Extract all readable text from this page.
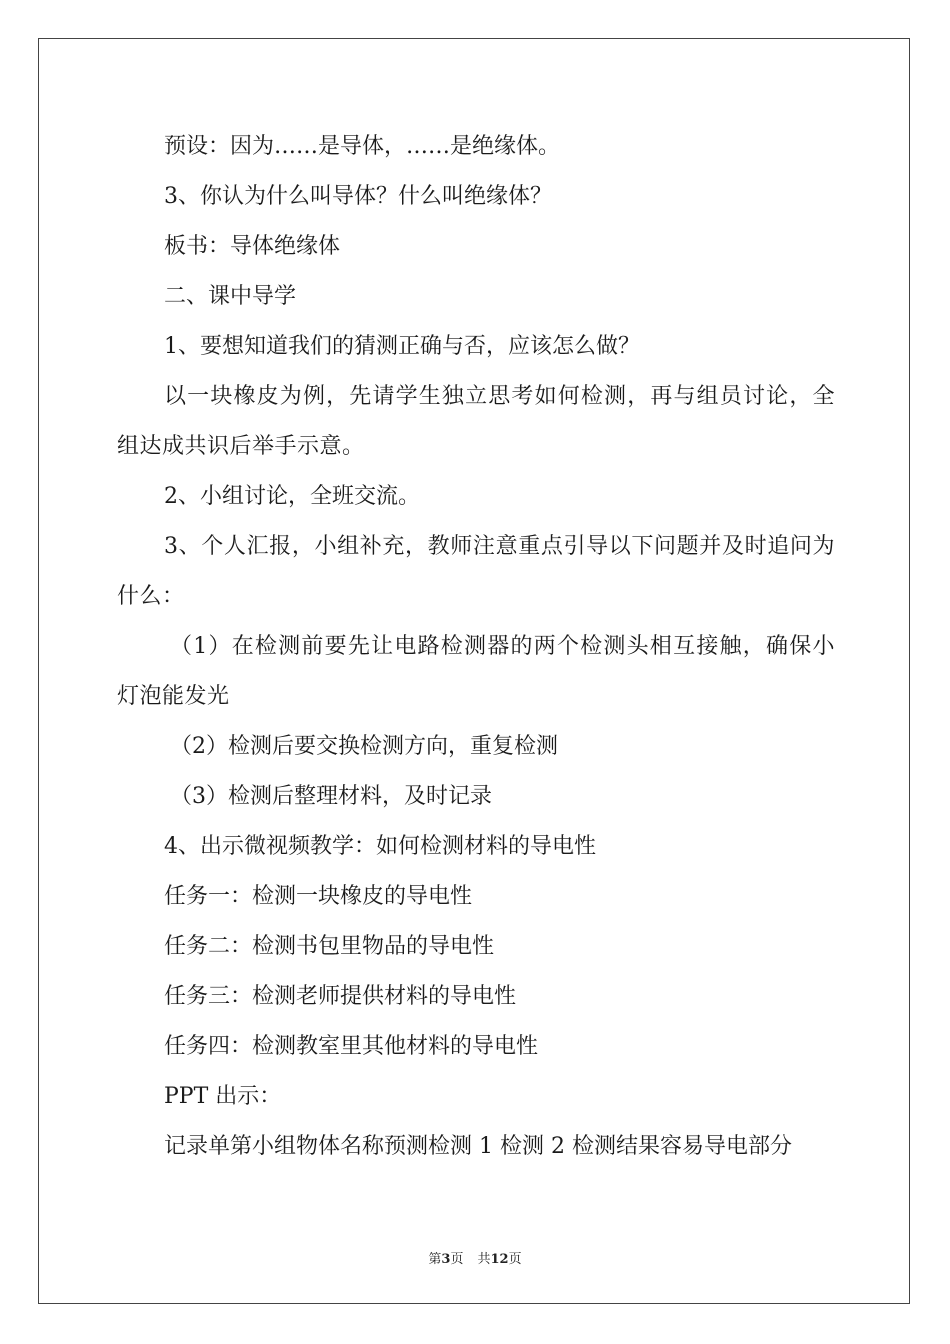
预设：因为……是导体，……是绝缘体。

3、你认为什么叫导体？什么叫绝缘体？

板书：导体绝缘体

二、课中导学

1、要想知道我们的猜测正确与否，应该怎么做？

以一块橡皮为例，先请学生独立思考如何检测，再与组员讨论，全组达成共识后举手示意。

2、小组讨论，全班交流。

3、个人汇报，小组补充，教师注意重点引导以下问题并及时追问为什么：

（1）在检测前要先让电路检测器的两个检测头相互接触，确保小灯泡能发光

（2）检测后要交换检测方向，重复检测

（3）检测后整理材料，及时记录

4、出示微视频教学：如何检测材料的导电性

任务一：检测一块橡皮的导电性

任务二：检测书包里物品的导电性

任务三：检测老师提供材料的导电性

任务四：检测教室里其他材料的导电性

PPT 出示：

记录单第小组物体名称预测检测 1 检测 2 检测结果容易导电部分

第3页 共12页
